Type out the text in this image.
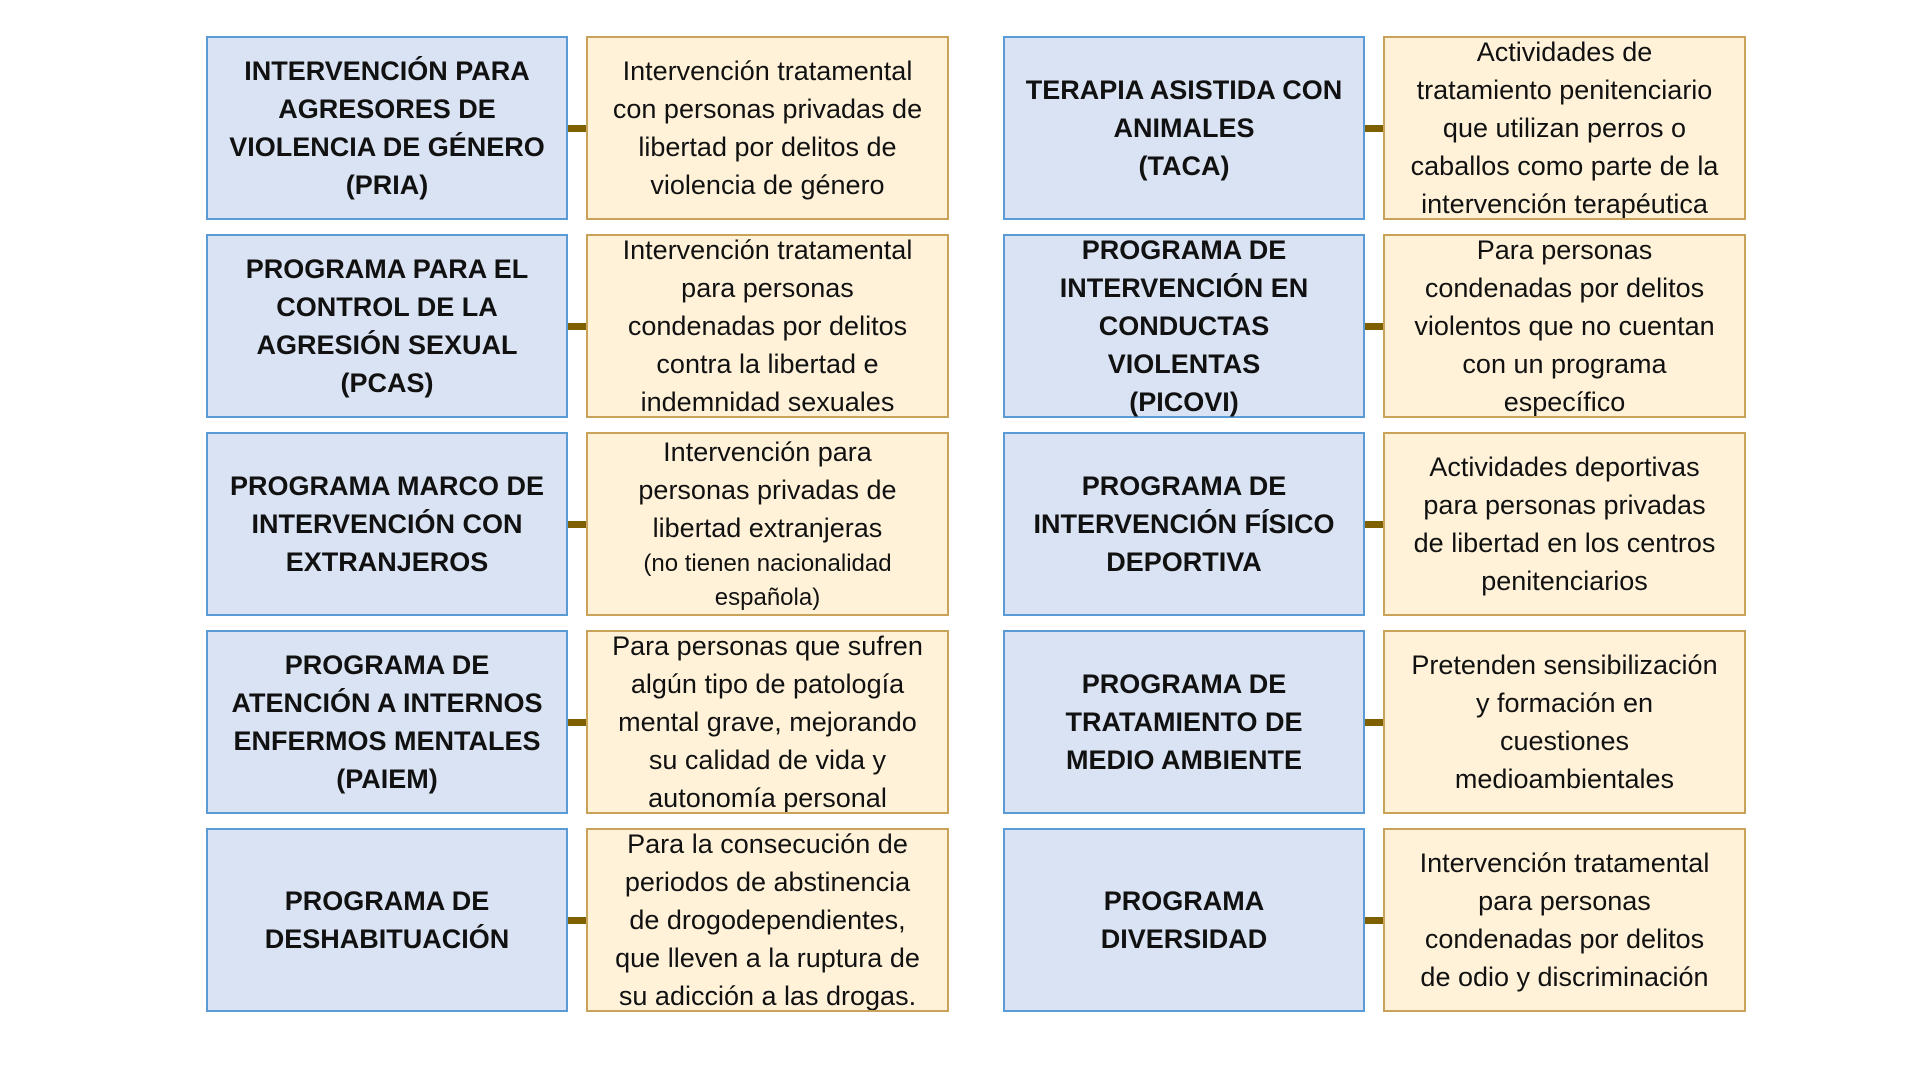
INTERVENCIÓN PARA
AGRESORES DE
VIOLENCIA DE GÉNERO
(PRIA)
Intervención tratamental
con personas privadas de
libertad por delitos de
violencia de género
PROGRAMA PARA EL
CONTROL DE LA
AGRESIÓN SEXUAL
(PCAS)
Intervención tratamental
para personas
condenadas por delitos
contra la libertad e
indemnidad sexuales
PROGRAMA MARCO DE
INTERVENCIÓN CON
EXTRANJEROS
Intervención para
personas privadas de
libertad extranjeras
(no tienen nacionalidad
española)
PROGRAMA DE
ATENCIÓN A INTERNOS
ENFERMOS MENTALES
(PAIEM)
Para personas que sufren
algún tipo de patología
mental grave, mejorando
su calidad de vida y
autonomía personal
PROGRAMA DE
DESHABITUACIÓN
Para la consecución de
periodos de abstinencia
de drogodependientes,
que lleven a la ruptura de
su adicción a las drogas.
TERAPIA ASISTIDA CON
ANIMALES
(TACA)
Actividades de
tratamiento penitenciario
que utilizan perros o
caballos como parte de la
intervención terapéutica
PROGRAMA DE
INTERVENCIÓN EN
CONDUCTAS VIOLENTAS
(PICOVI)
Para personas
condenadas por delitos
violentos que no cuentan
con un programa
específico
PROGRAMA DE
INTERVENCIÓN FÍSICO
DEPORTIVA
Actividades deportivas
para personas privadas
de libertad en los centros
penitenciarios
PROGRAMA DE
TRATAMIENTO DE
MEDIO AMBIENTE
Pretenden sensibilización
y formación en
cuestiones
medioambientales
PROGRAMA
DIVERSIDAD
Intervención tratamental
para personas
condenadas por delitos
de odio y discriminación
